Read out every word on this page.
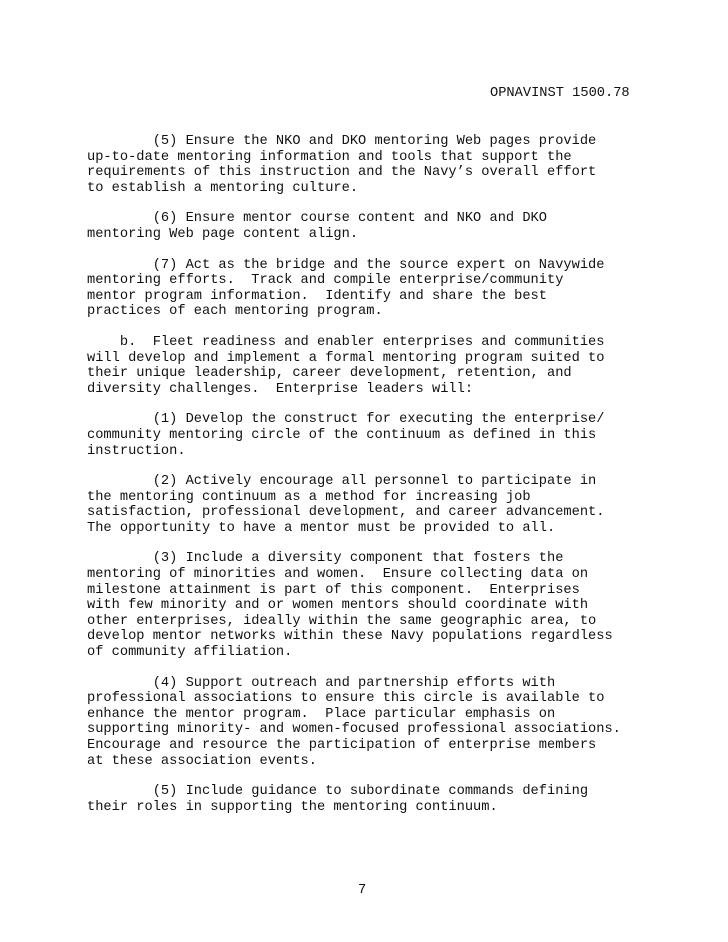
OPNAVINST 1500.78

(5) Ensure the NKO and DKO mentoring Web pages provide
up-to-date mentoring information and tools that support the
requirements of this instruction and the Navy’s overall effort
to establish a mentoring culture.

(6) Ensure mentor course content and NKO and DKO
mentoring Web page content align.

(7) Act as the bridge and the source expert on Navywide
mentoring efforts.  Track and compile enterprise/community
mentor program information.  Identify and share the best
practices of each mentoring program.

b.  Fleet readiness and enabler enterprises and communities
will develop and implement a formal mentoring program suited to
their unique leadership, career development, retention, and
diversity challenges.  Enterprise leaders will:

(1) Develop the construct for executing the enterprise/
community mentoring circle of the continuum as defined in this
instruction.

(2) Actively encourage all personnel to participate in
the mentoring continuum as a method for increasing job
satisfaction, professional development, and career advancement.
The opportunity to have a mentor must be provided to all.

(3) Include a diversity component that fosters the
mentoring of minorities and women.  Ensure collecting data on
milestone attainment is part of this component.  Enterprises
with few minority and or women mentors should coordinate with
other enterprises, ideally within the same geographic area, to
develop mentor networks within these Navy populations regardless
of community affiliation.

(4) Support outreach and partnership efforts with
professional associations to ensure this circle is available to
enhance the mentor program.  Place particular emphasis on
supporting minority- and women-focused professional associations.
Encourage and resource the participation of enterprise members
at these association events.

(5) Include guidance to subordinate commands defining
their roles in supporting the mentoring continuum.

7
